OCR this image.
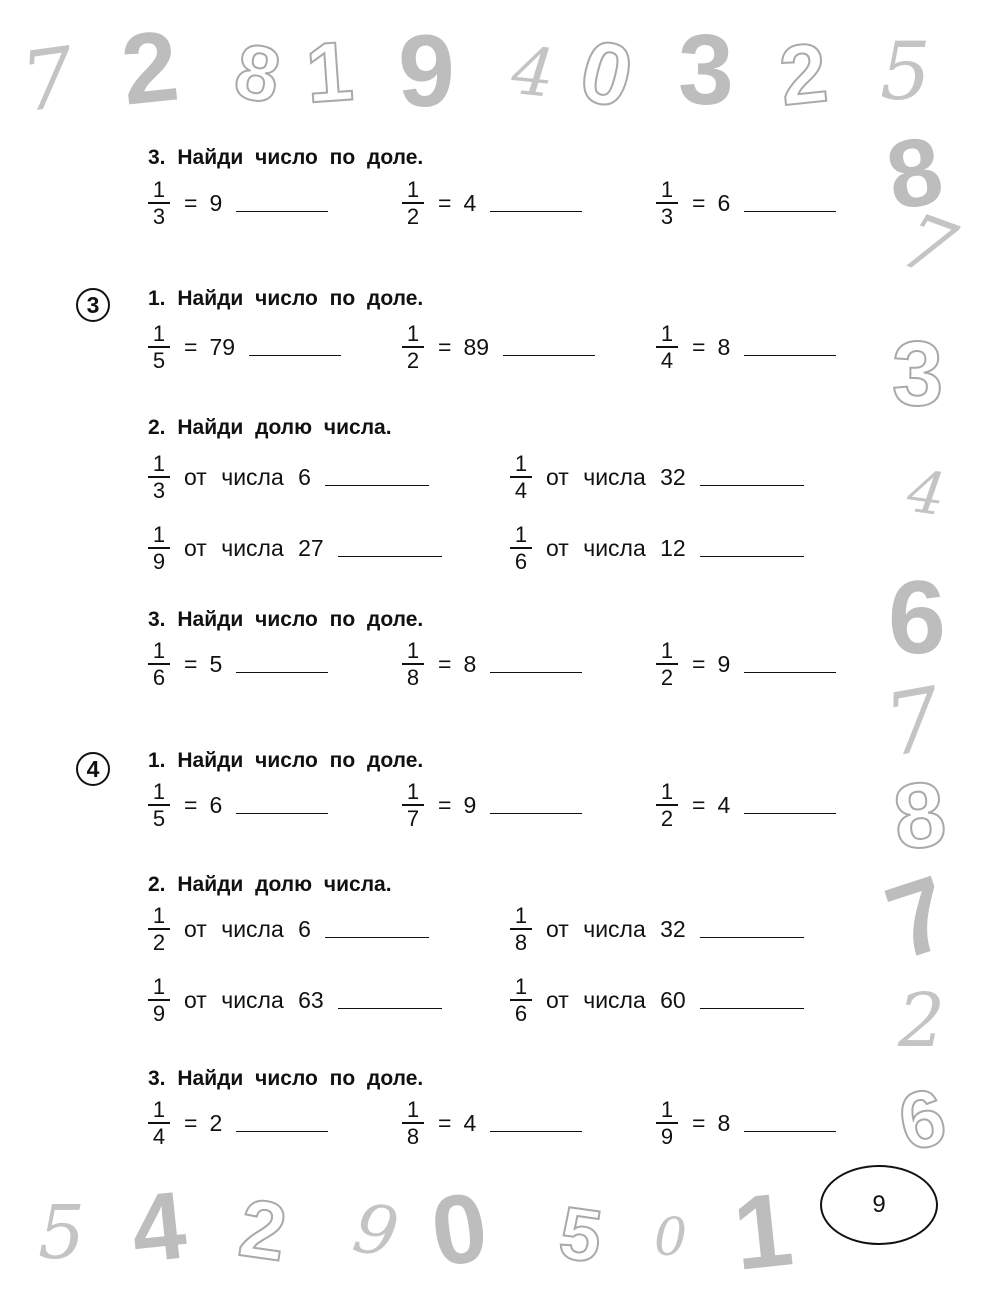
7 2 8 1 9 4 0 3 2 5
8
7
3
4
6
7
8
7
2
6
5 4 2 9 0 5 0 1	9
3. Найди число по доле.
$\frac{1}{3} = 9$	$\frac{1}{2} = 4$	$\frac{1}{3} = 6$
3	1. Найди число по доле.
$\frac{1}{5} = 79$	$\frac{1}{2} = 89$	$\frac{1}{4} = 8$
2. Найди долю числа.
$\frac{1}{3}$ от числа 6	$\frac{1}{4}$ от числа 32
$\frac{1}{9}$ от числа 27	$\frac{1}{6}$ от числа 12
3. Найди число по доле.
$\frac{1}{6} = 5$	$\frac{1}{8} = 8$	$\frac{1}{2} = 9$
4	1. Найди число по доле.
$\frac{1}{5} = 6$	$\frac{1}{7} = 9$	$\frac{1}{2} = 4$
2. Найди долю числа.
$\frac{1}{2}$ от числа 6	$\frac{1}{8}$ от числа 32
$\frac{1}{9}$ от числа 63	$\frac{1}{6}$ от числа 60
3. Найди число по доле.
$\frac{1}{4} = 2$	$\frac{1}{8} = 4$	$\frac{1}{9} = 8$
